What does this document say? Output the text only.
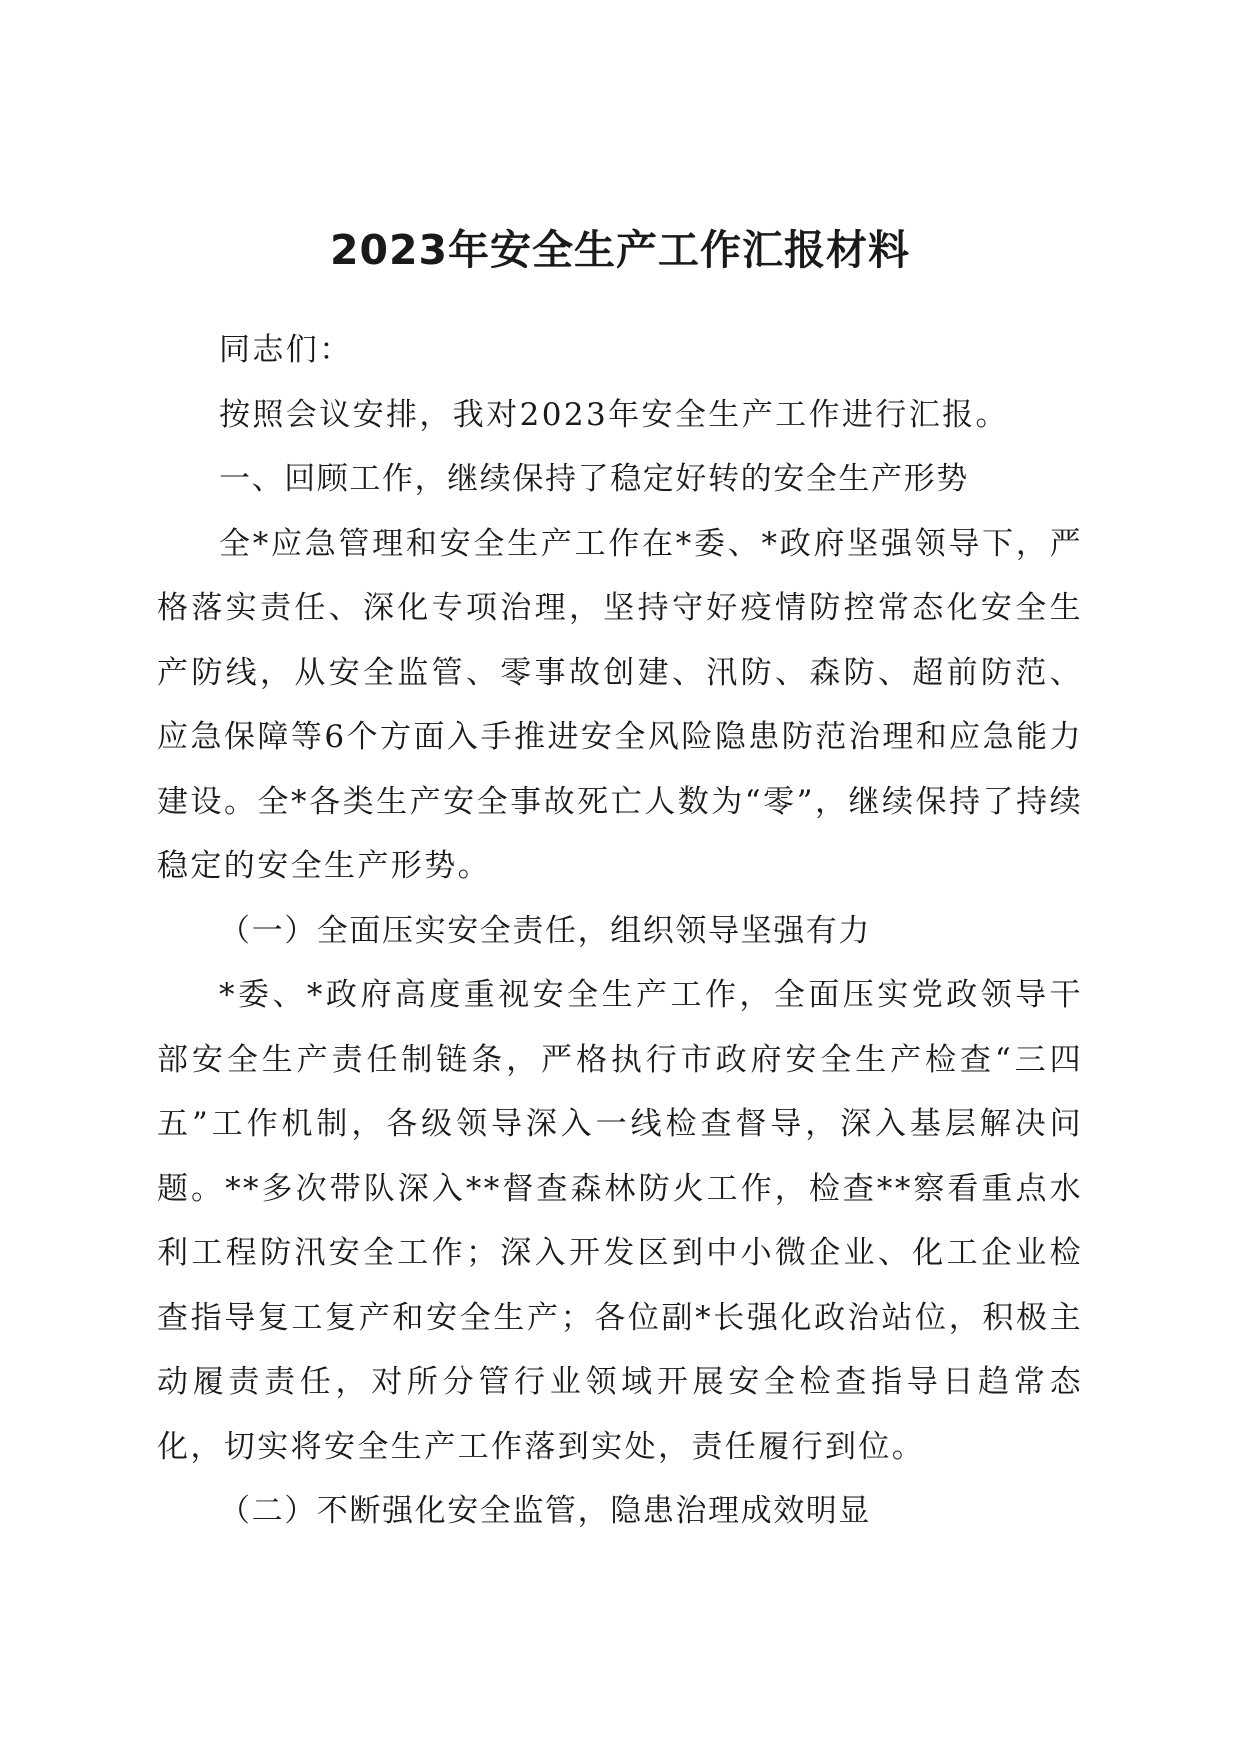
2023年安全生产工作汇报材料

同志们：

按照会议安排，我对2023年安全生产工作进行汇报。

一、回顾工作，继续保持了稳定好转的安全生产形势

全*应急管理和安全生产工作在*委、*政府坚强领导下，严格落实责任、深化专项治理，坚持守好疫情防控常态化安全生产防线，从安全监管、零事故创建、汛防、森防、超前防范、应急保障等6个方面入手推进安全风险隐患防范治理和应急能力建设。全*各类生产安全事故死亡人数为“零”，继续保持了持续稳定的安全生产形势。

（一）全面压实安全责任，组织领导坚强有力

*委、*政府高度重视安全生产工作，全面压实党政领导干部安全生产责任制链条，严格执行市政府安全生产检查“三四五”工作机制，各级领导深入一线检查督导，深入基层解决问题。**多次带队深入**督查森林防火工作，检查**察看重点水利工程防汛安全工作；深入开发区到中小微企业、化工企业检查指导复工复产和安全生产；各位副*长强化政治站位，积极主动履责责任，对所分管行业领域开展安全检查指导日趋常态化，切实将安全生产工作落到实处，责任履行到位。

（二）不断强化安全监管，隐患治理成效明显
